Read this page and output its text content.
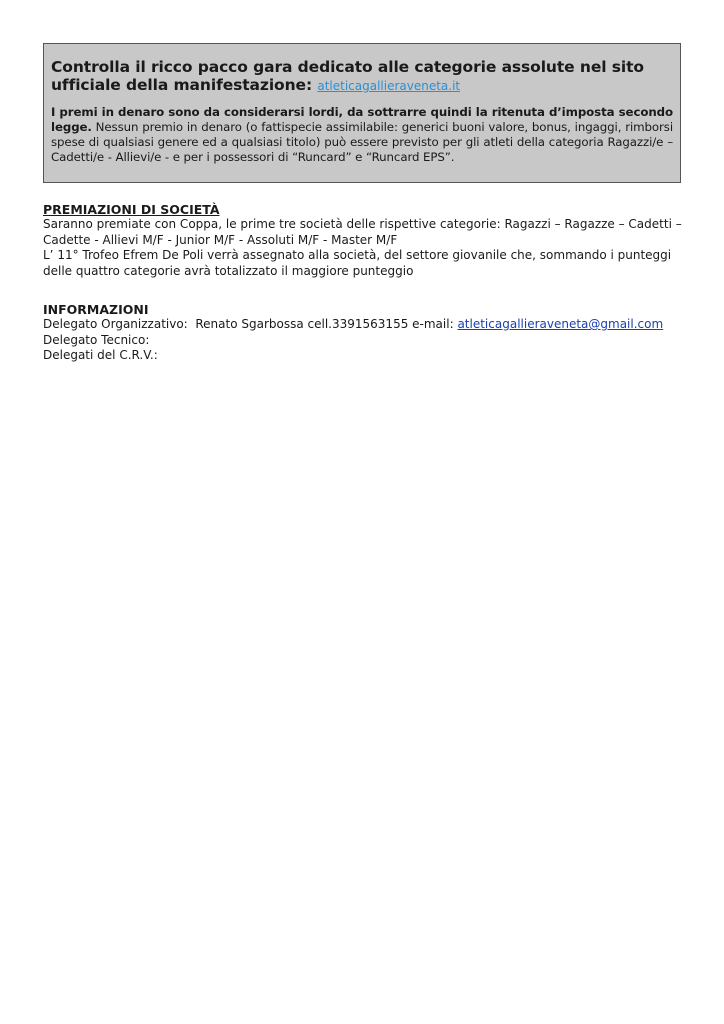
Controlla il ricco pacco gara dedicato alle categorie assolute nel sito ufficiale della manifestazione: atleticagallieraveneta.it

I premi in denaro sono da considerarsi lordi, da sottrarre quindi la ritenuta d’imposta secondo legge. Nessun premio in denaro (o fattispecie assimilabile: generici buoni valore, bonus, ingaggi, rimborsi spese di qualsiasi genere ed a qualsiasi titolo) può essere previsto per gli atleti della categoria Ragazzi/e – Cadetti/e - Allievi/e - e per i possessori di “Runcard” e “Runcard EPS”.

PREMIAZIONI DI SOCIETÀ

Saranno premiate con Coppa, le prime tre società delle rispettive categorie: Ragazzi – Ragazze – Cadetti – Cadette - Allievi M/F - Junior M/F - Assoluti M/F - Master M/F

L’ 11° Trofeo Efrem De Poli verrà assegnato alla società, del settore giovanile che, sommando i punteggi delle quattro categorie avrà totalizzato il maggiore punteggio

INFORMAZIONI

Delegato Organizzativo: Renato Sgarbossa cell.3391563155 e-mail: atleticagallieraveneta@gmail.com

Delegato Tecnico:

Delegati del C.R.V.:
